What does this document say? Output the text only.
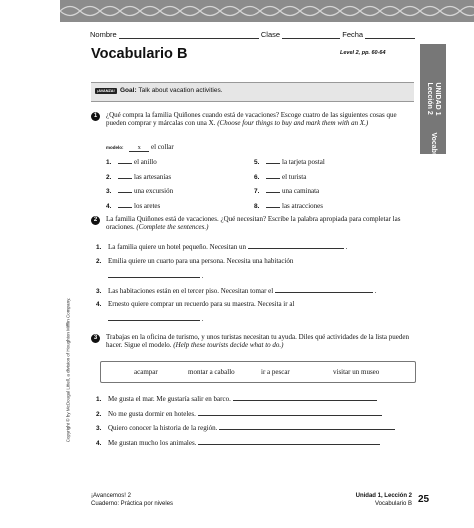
Nombre	Clase	Fecha
Vocabulario B	Level 2, pp. 60-64
UNIDAD 1
Lección 2
Vocabulario B
¡AVANZA! Goal: Talk about vacation activities.
1	¿Qué compra la familia Quiñones cuando está de vacaciones? Escoge cuatro de las siguientes cosas que pueden comprar y márcalas con una X. (Choose four things to buy and mark them with an X.)
modelo: x el collar
1.	el anillo
2.	las artesanías
3.	una excursión
4.	los aretes
5.	la tarjeta postal
6.	el turista
7.	una caminata
8.	las atracciones
2	La familia Quiñones está de vacaciones. ¿Qué necesitan? Escribe la palabra apropiada para completar las oraciones. (Complete the sentences.)
1. La familia quiere un hotel pequeño. Necesitan un	.
2. Emilia quiere un cuarto para una persona. Necesita una habitación
.
3. Las habitaciones están en el tercer piso. Necesitan tomar el	.
4. Ernesto quiere comprar un recuerdo para su maestra. Necesita ir al
.
3	Trabajas en la oficina de turismo, y unos turistas necesitan tu ayuda. Diles qué actividades de la lista pueden hacer. Sigue el modelo. (Help these tourists decide what to do.)
acampar	montar a caballo	ir a pescar	visitar un museo
1. Me gusta el mar. Me gustaría salir en barco.
2. No me gusta dormir en hoteles.
3. Quiero conocer la historia de la región.
4. Me gustan mucho los animales.
Copyright © by McDougal Littell, a division of Houghton Mifflin Company.
¡Avancemos! 2
Cuaderno: Práctica por niveles
Unidad 1, Lección 2
Vocabulario B 25
